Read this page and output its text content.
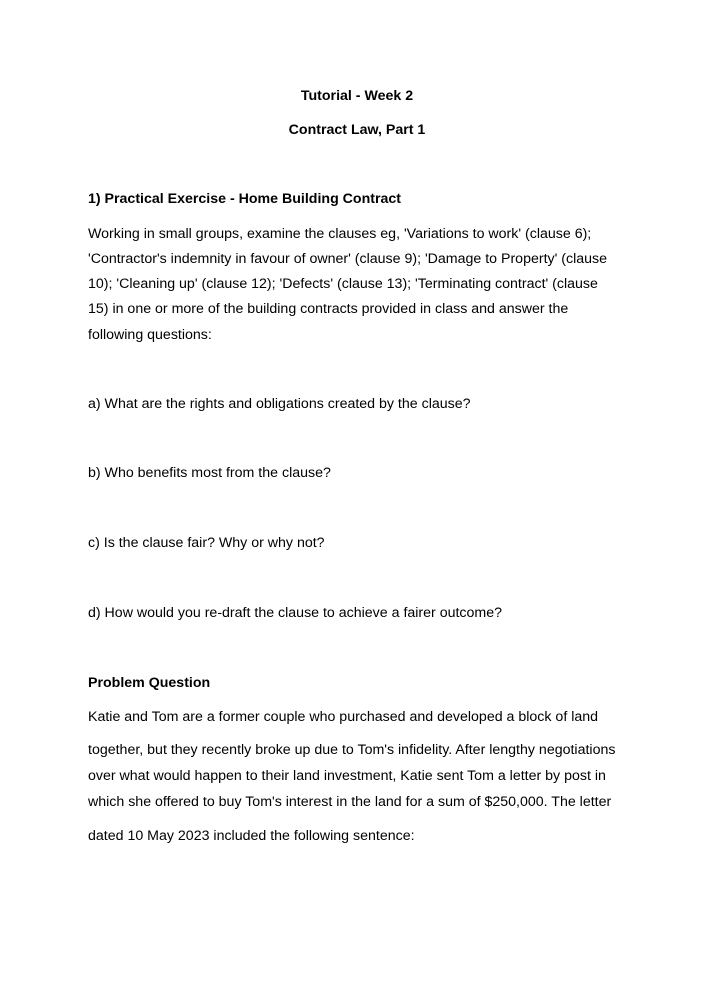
Tutorial - Week 2
Contract Law, Part 1
1) Practical Exercise - Home Building Contract
Working in small groups, examine the clauses eg, 'Variations to work' (clause 6);
'Contractor's indemnity in favour of owner' (clause 9); 'Damage to Property' (clause
10); 'Cleaning up' (clause 12); 'Defects' (clause 13); 'Terminating contract' (clause
15) in one or more of the building contracts provided in class and answer the
following questions:
a) What are the rights and obligations created by the clause?
b) Who benefits most from the clause?
c) Is the clause fair? Why or why not?
d) How would you re-draft the clause to achieve a fairer outcome?
Problem Question
Katie and Tom are a former couple who purchased and developed a block of land
together, but they recently broke up due to Tom's infidelity. After lengthy negotiations
over what would happen to their land investment, Katie sent Tom a letter by post in
which she offered to buy Tom's interest in the land for a sum of $250,000. The letter
dated 10 May 2023 included the following sentence:
